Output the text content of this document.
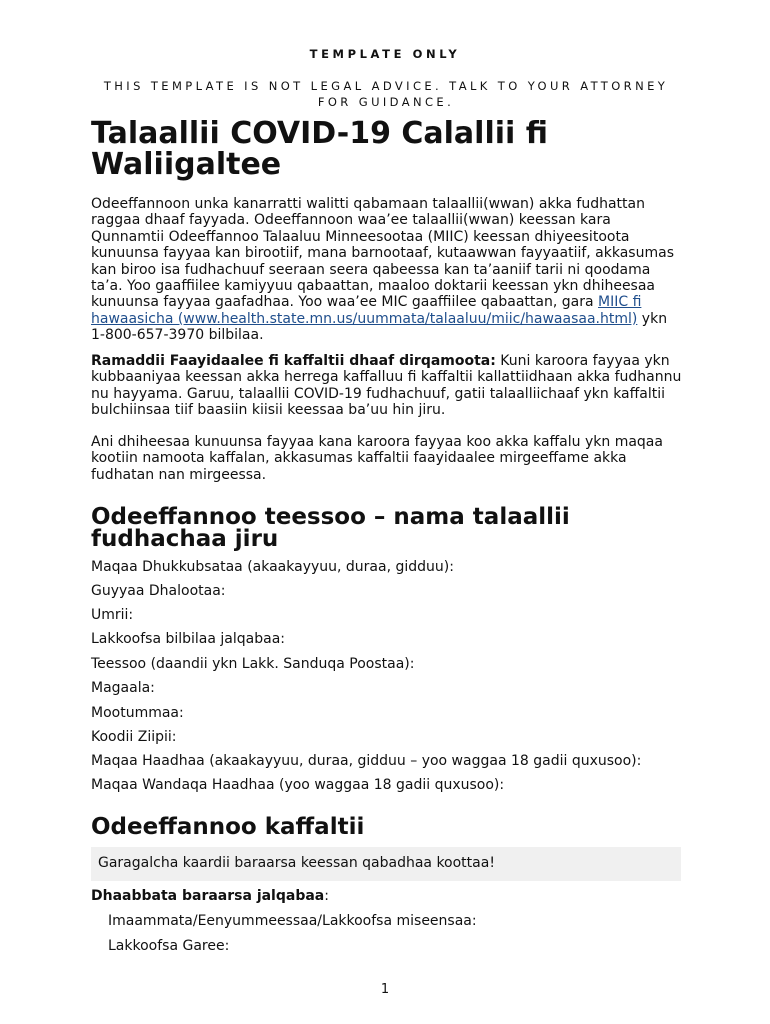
TEMPLATE ONLY
THIS TEMPLATE IS NOT LEGAL ADVICE. TALK TO YOUR ATTORNEY FOR GUIDANCE.
Talaallii COVID-19 Calallii fi Waliigaltee

Odeeffannoon unka kanarratti walitti qabamaan talaallii(wwan) akka fudhattan raggaa dhaaf fayyada. Odeeffannoon waa’ee talaallii(wwan) keessan kara Qunnamtii Odeeffannoo Talaaluu Minneesootaa (MIIC) keessan dhiyeesitoota kunuunsa fayyaa kan birootiif, mana barnootaaf, kutaawwan fayyaatiif, akkasumas kan biroo isa fudhachuuf seeraan seera qabeessa kan ta’aaniif tarii ni qoodama ta’a. Yoo gaaffiilee kamiyyuu qabaattan, maaloo doktarii keessan ykn dhiheesaa kunuunsa fayyaa gaafadhaa. Yoo waa’ee MIC gaaffiilee qabaattan, gara MIIC fi hawaasicha (www.health.state.mn.us/uummata/talaaluu/miic/hawaasaa.html) ykn 1-800-657-3970 bilbilaa.

Ramaddii Faayidaalee fi kaffaltii dhaaf dirqamoota: Kuni karoora fayyaa ykn kubbaaniyaa keessan akka herrega kaffalluu fi kaffaltii kallattiidhaan akka fudhannu nu hayyama. Garuu, talaallii COVID-19 fudhachuuf, gatii talaalliichaaf ykn kaffaltii bulchiinsaa tiif baasiin kiisii keessaa ba’uu hin jiru.

Ani dhiheesaa kunuunsa fayyaa kana karoora fayyaa koo akka kaffalu ykn maqaa kootiin namoota kaffalan, akkasumas kaffaltii faayidaalee mirgeeffame akka fudhatan nan mirgeessa.

Odeeffannoo teessoo – nama talaallii fudhachaa jiru
Maqaa Dhukkubsataa (akaakayyuu, duraa, gidduu):
Guyyaa Dhalootaa:
Umrii:
Lakkoofsa bilbilaa jalqabaa:
Teessoo (daandii ykn Lakk. Sanduqa Poostaa):
Magaala:
Mootummaa:
Koodii Ziipii:
Maqaa Haadhaa (akaakayyuu, duraa, gidduu – yoo waggaa 18 gadii quxusoo):
Maqaa Wandaqa Haadhaa (yoo waggaa 18 gadii quxusoo):
Odeeffannoo kaffaltii
Garagalcha kaardii baraarsa keessan qabadhaa koottaa!
Dhaabbata baraarsa jalqabaa:
Imaammata/Eenyummeessaa/Lakkoofsa miseensaa:
Lakkoofsa Garee:
1
